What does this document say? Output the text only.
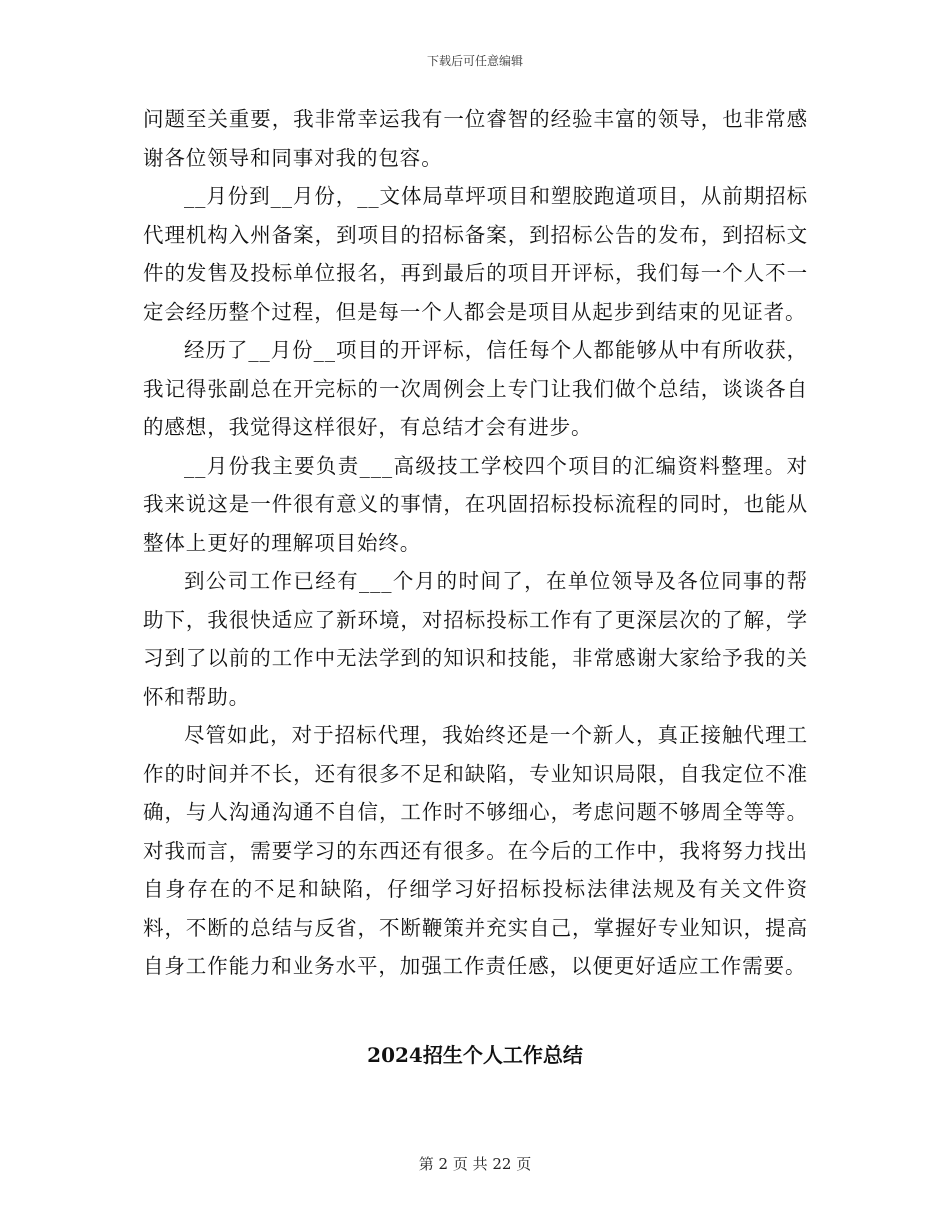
下载后可任意编辑

问题至关重要，我非常幸运我有一位睿智的经验丰富的领导，也非常感谢各位领导和同事对我的包容。

__月份到__月份，__文体局草坪项目和塑胶跑道项目，从前期招标代理机构入州备案，到项目的招标备案，到招标公告的发布，到招标文件的发售及投标单位报名，再到最后的项目开评标，我们每一个人不一定会经历整个过程，但是每一个人都会是项目从起步到结束的见证者。

经历了__月份__项目的开评标，信任每个人都能够从中有所收获，我记得张副总在开完标的一次周例会上专门让我们做个总结，谈谈各自的感想，我觉得这样很好，有总结才会有进步。

__月份我主要负责___高级技工学校四个项目的汇编资料整理。对我来说这是一件很有意义的事情，在巩固招标投标流程的同时，也能从整体上更好的理解项目始终。

到公司工作已经有___个月的时间了，在单位领导及各位同事的帮助下，我很快适应了新环境，对招标投标工作有了更深层次的了解，学习到了以前的工作中无法学到的知识和技能，非常感谢大家给予我的关怀和帮助。

尽管如此，对于招标代理，我始终还是一个新人，真正接触代理工作的时间并不长，还有很多不足和缺陷，专业知识局限，自我定位不准确，与人沟通沟通不自信，工作时不够细心，考虑问题不够周全等等。对我而言，需要学习的东西还有很多。在今后的工作中，我将努力找出自身存在的不足和缺陷，仔细学习好招标投标法律法规及有关文件资料，不断的总结与反省，不断鞭策并充实自己，掌握好专业知识，提高自身工作能力和业务水平，加强工作责任感，以便更好适应工作需要。

2024招生个人工作总结
第 2 页 共 22 页
